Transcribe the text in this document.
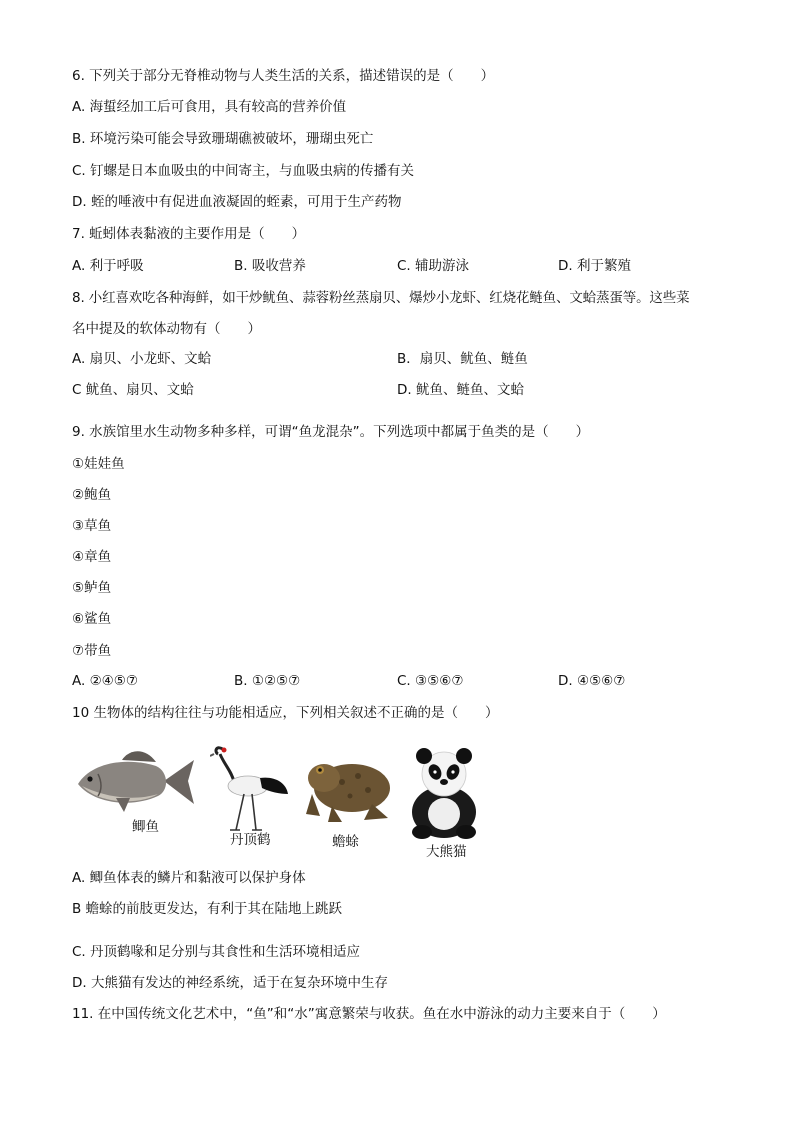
6. 下列关于部分无脊椎动物与人类生活的关系，描述错误的是（　　）
A. 海蜇经加工后可食用，具有较高的营养价值
B. 环境污染可能会导致珊瑚礁被破坏，珊瑚虫死亡
C. 钉螺是日本血吸虫的中间寄主，与血吸虫病的传播有关
D. 蛭的唾液中有促进血液凝固的蛭素，可用于生产药物
7. 蚯蚓体表黏液的主要作用是（　　）
A. 利于呼吸	B. 吸收营养	C. 辅助游泳	D. 利于繁殖
8. 小红喜欢吃各种海鲜，如干炒鱿鱼、蒜蓉粉丝蒸扇贝、爆炒小龙虾、红烧花鲢鱼、文蛤蒸蛋等。这些菜
名中提及的软体动物有（　　）
A. 扇贝、小龙虾、文蛤	B．扇贝、鱿鱼、鲢鱼
C 鱿鱼、扇贝、文蛤	D. 鱿鱼、鲢鱼、文蛤
9. 水族馆里水生动物多种多样，可谓“鱼龙混杂”。下列选项中都属于鱼类的是（　　）
①娃娃鱼
②鲍鱼
③草鱼
④章鱼
⑤鲈鱼
⑥鲨鱼
⑦带鱼
A. ②④⑤⑦	B. ①②⑤⑦	C. ③⑤⑥⑦	D. ④⑤⑥⑦
10 生物体的结构往往与功能相适应，下列相关叙述不正确的是（　　）
鲫鱼
丹顶鹤	蟾蜍
大熊猫
A. 鲫鱼体表的鳞片和黏液可以保护身体
B 蟾蜍的前肢更发达，有利于其在陆地上跳跃
C. 丹顶鹤喙和足分别与其食性和生活环境相适应
D. 大熊猫有发达的神经系统，适于在复杂环境中生存
11. 在中国传统文化艺术中，“鱼”和“水”寓意繁荣与收获。鱼在水中游泳的动力主要来自于（　　）
